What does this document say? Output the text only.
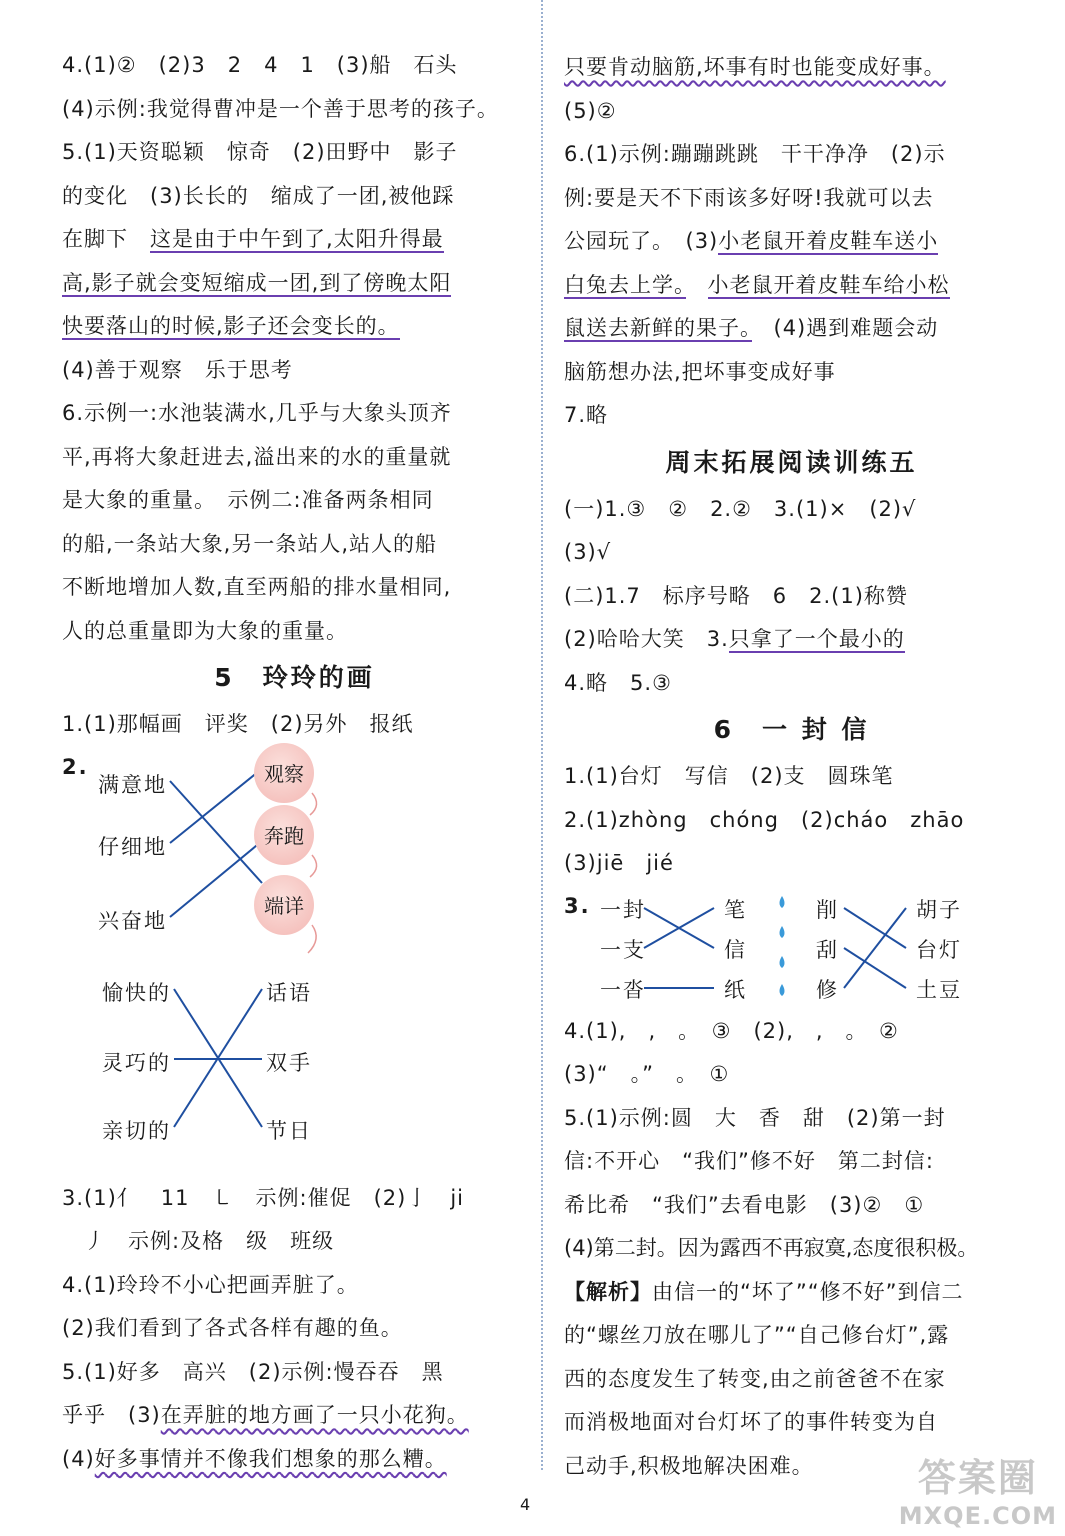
4.(1)②　(2)3　2　4　1　(3)船　石头
(4)示例:我觉得曹冲是一个善于思考的孩子。
5.(1)天资聪颖　惊奇　(2)田野中　影子
的变化　(3)长长的　缩成了一团,被他踩
在脚下　这是由于中午到了,太阳升得最
高,影子就会变短缩成一团,到了傍晚太阳
快要落山的时候,影子还会变长的。
(4)善于观察　乐于思考
6.示例一:水池装满水,几乎与大象头顶齐
平,再将大象赶进去,溢出来的水的重量就
是大象的重量。　示例二:准备两条相同
的船,一条站大象,另一条站人,站人的船
不断地增加人数,直至两船的排水量相同,
人的总重量即为大象的重量。
5　玲玲的画
1.(1)那幅画　评奖　(2)另外　报纸
2.
满意地
仔细地
兴奋地
观察
奔跑
端详
愉快的
灵巧的
亲切的
话语
双手
节日
3.(1)亻　11　㇄　示例:催促　(2)亅　ji
　丿　示例:及格　级　班级
4.(1)玲玲不小心把画弄脏了。
(2)我们看到了各式各样有趣的鱼。
5.(1)好多　高兴　(2)示例:慢吞吞　黑
乎乎　(3)在弄脏的地方画了一只小花狗。
(4)好多事情并不像我们想象的那么糟。
只要肯动脑筋,坏事有时也能变成好事。
(5)②
6.(1)示例:蹦蹦跳跳　干干净净　(2)示
例:要是天不下雨该多好呀!我就可以去
公园玩了。　(3)小老鼠开着皮鞋车送小
白兔去上学。　 小老鼠开着皮鞋车给小松
鼠送去新鲜的果子。　(4)遇到难题会动
脑筋想办法,把坏事变成好事
7.略
周末拓展阅读训练五
(一)1.③　②　2.②　3.(1)×　(2)√
(3)√
(二)1.7　标序号略　6　2.(1)称赞
(2)哈哈大笑　3.只拿了一个最小的
4.略　5.③
6　一 封 信
1.(1)台灯　写信　(2)支　圆珠笔
2.(1)zhòng　chóng　(2)cháo　zhāo
(3)jiē　jié
3. 一封
一支
一沓
笔
信
纸
削
刮
修
胡子
台灯
土豆
4.(1),　,　。　③　(2),　,　。　②
(3)“　。”　。　①
5.(1)示例:圆　大　香　甜　(2)第一封
信:不开心　“我们”修不好　第二封信:
希比希　“我们”去看电影　(3)②　①
(4)第二封。因为露西不再寂寞,态度很积极。
【解析】由信一的“坏了”“修不好”到信二
的“螺丝刀放在哪儿了”“自己修台灯”,露
西的态度发生了转变,由之前爸爸不在家
而消极地面对台灯坏了的事件转变为自
己动手,积极地解决困难。
4
答案圈
MXQE.COM
